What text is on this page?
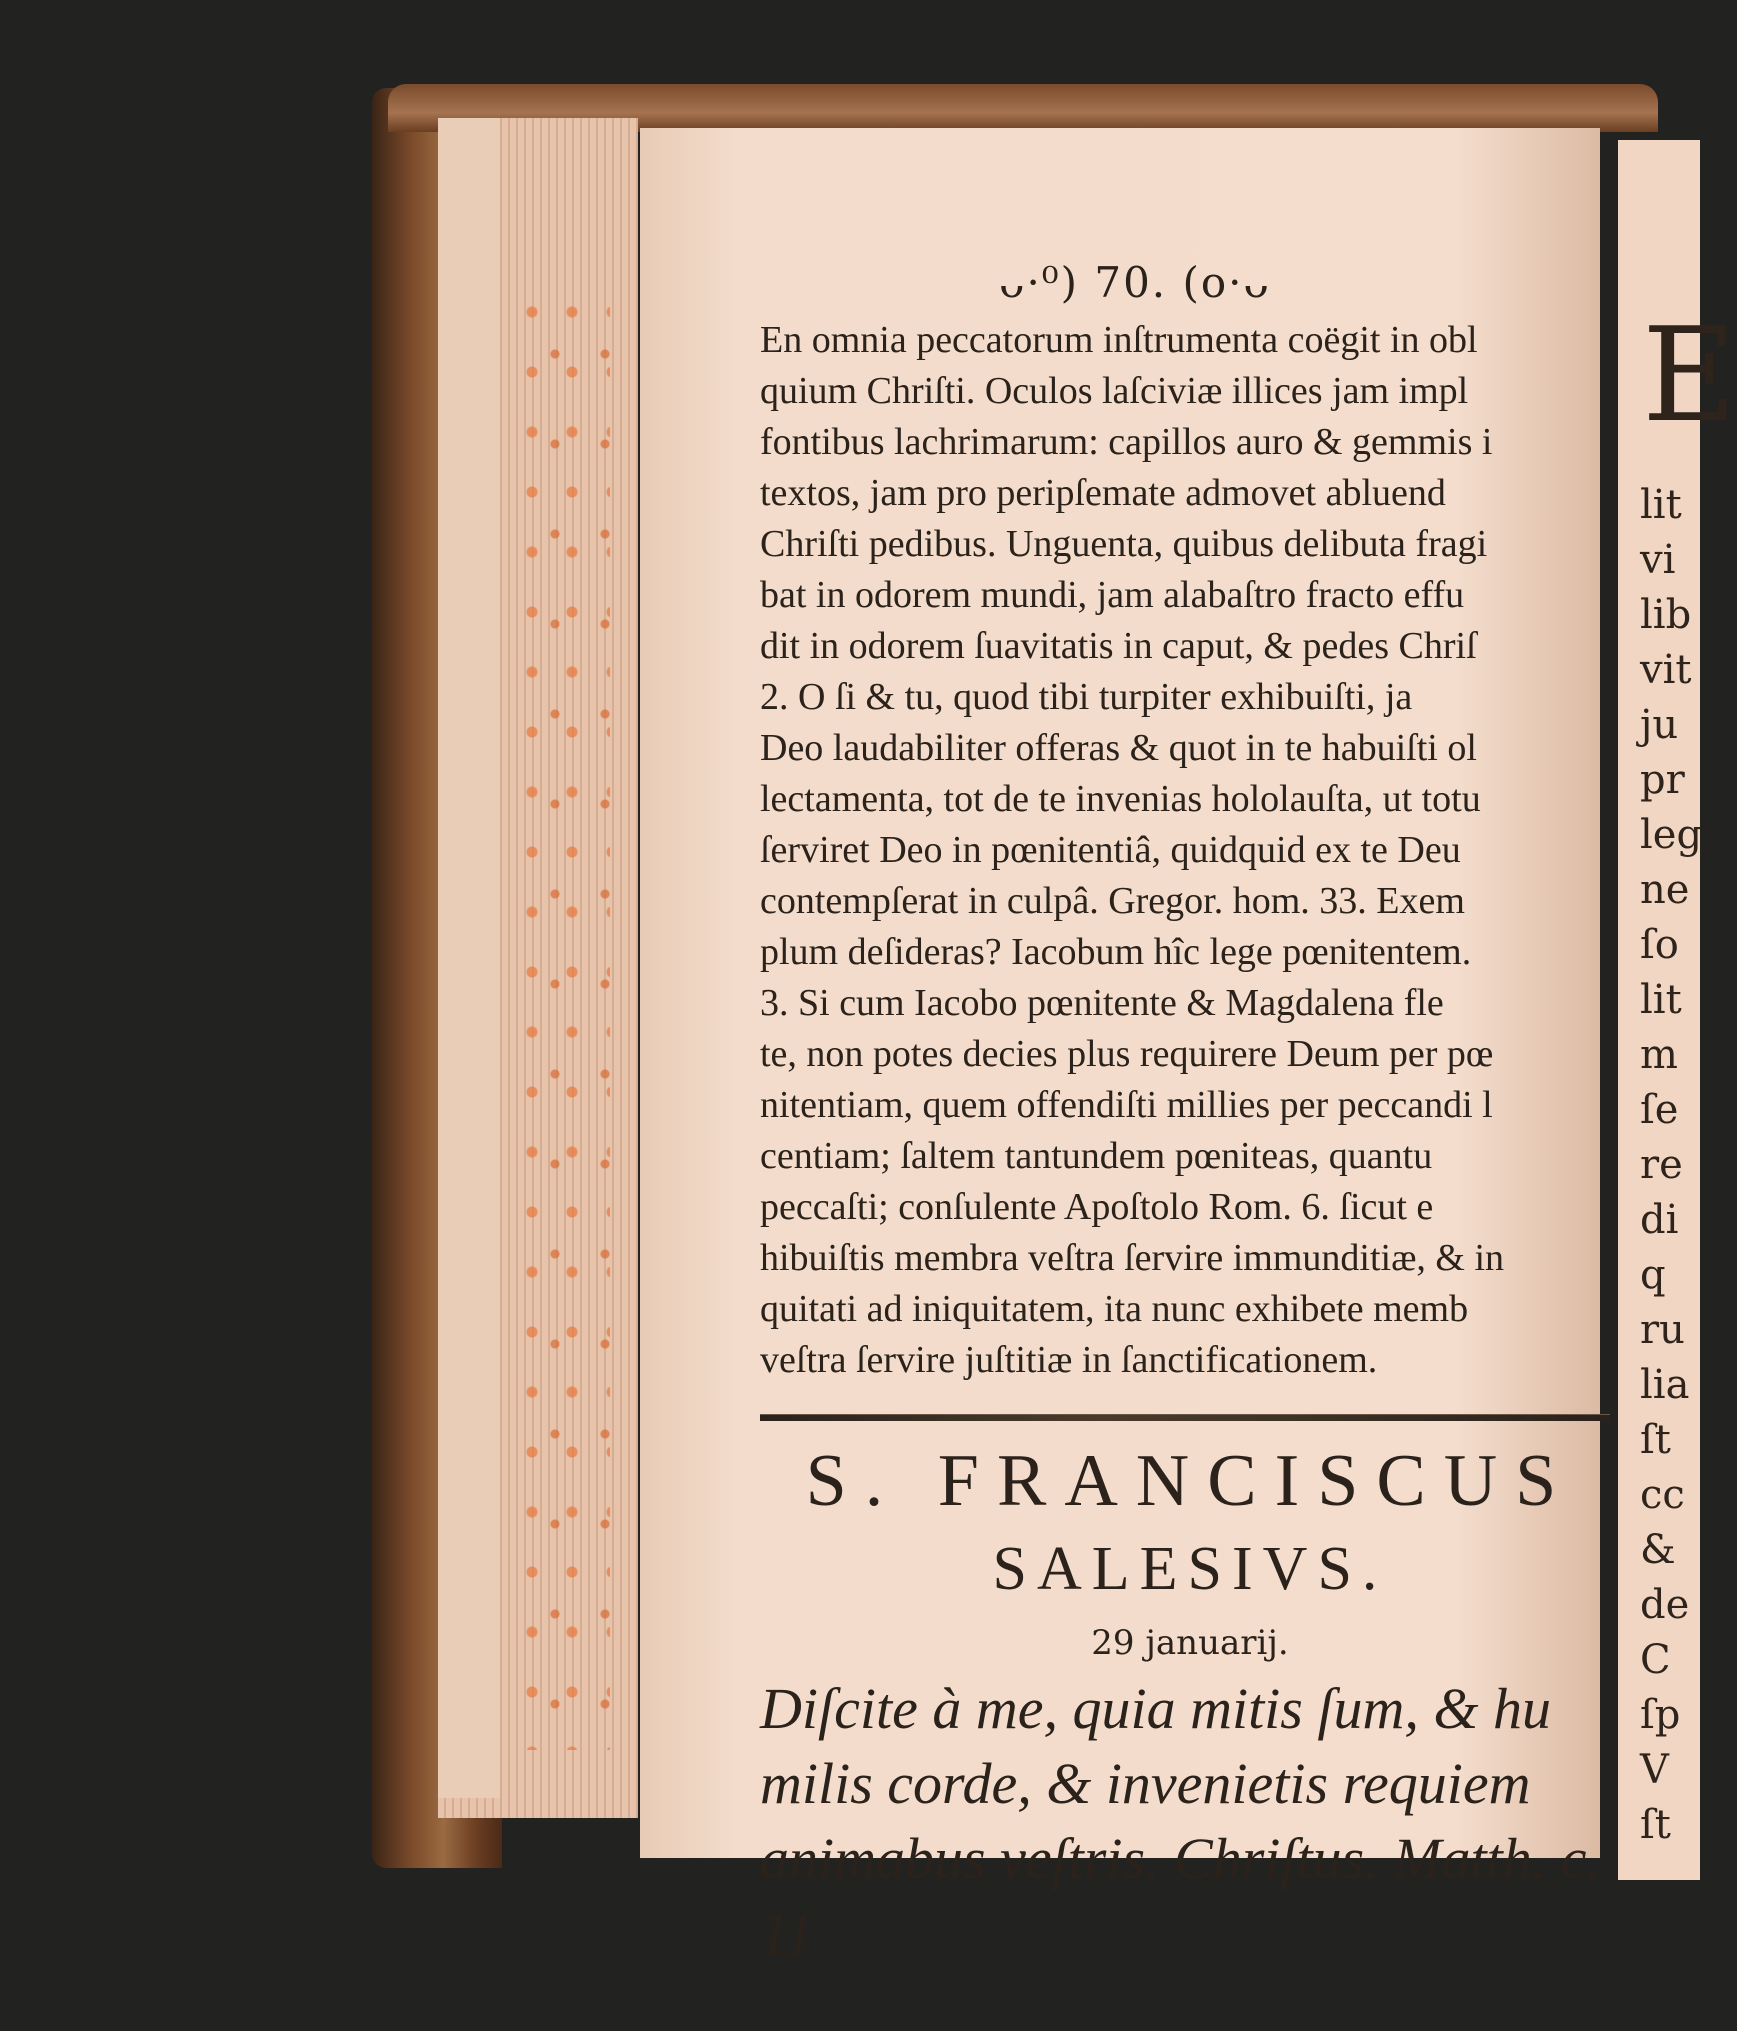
ᴗ·⁰) 70. (o·ᴗ

En omnia peccatorum inſtrumenta coëgit in obl
quium Chriſti. Oculos laſciviæ illices jam impl
fontibus lachrimarum: capillos auro & gemmis i
textos, jam pro peripſemate admovet abluend
Chriſti pedibus. Unguenta, quibus delibuta fragi
bat in odorem mundi, jam alabaſtro fracto effu
dit in odorem ſuavitatis in caput, & pedes Chriſ
2. O ſi & tu, quod tibi turpiter exhibuiſti, ja
Deo laudabiliter offeras & quot in te habuiſti ol
lectamenta, tot de te invenias hololauſta, ut totu
ſerviret Deo in pœnitentiâ, quidquid ex te Deu
contempſerat in culpâ. Gregor. hom. 33. Exem
plum deſideras? Iacobum hîc lege pœnitentem.
3. Si cum Iacobo pœnitente & Magdalena fle
te, non potes decies plus requirere Deum per pœ
nitentiam, quem offendiſti millies per peccandi l
centiam; ſaltem tantundem pœniteas, quantu
peccaſti; conſulente Apoſtolo Rom. 6. ſicut e
hibuiſtis membra veſtra ſervire immunditiæ, & in
quitati ad iniquitatem, ita nunc exhibete memb
veſtra ſervire juſtitiæ in ſanctificationem.

S. FRANCISCUS
SALESIVS.
29 januarij.

Diſcite à me, quia mitis ſum, & hu
milis corde, & invenietis requiem
animabus veſtris. Chriſtus. Matth. c. 11

E
lit
vi
lib
vit
ju
pr
leg
ne
ſo
lit
m
ſe
re
di
q
ru
lia
ſt
cc
&
de
C
ſp
V
ſt
